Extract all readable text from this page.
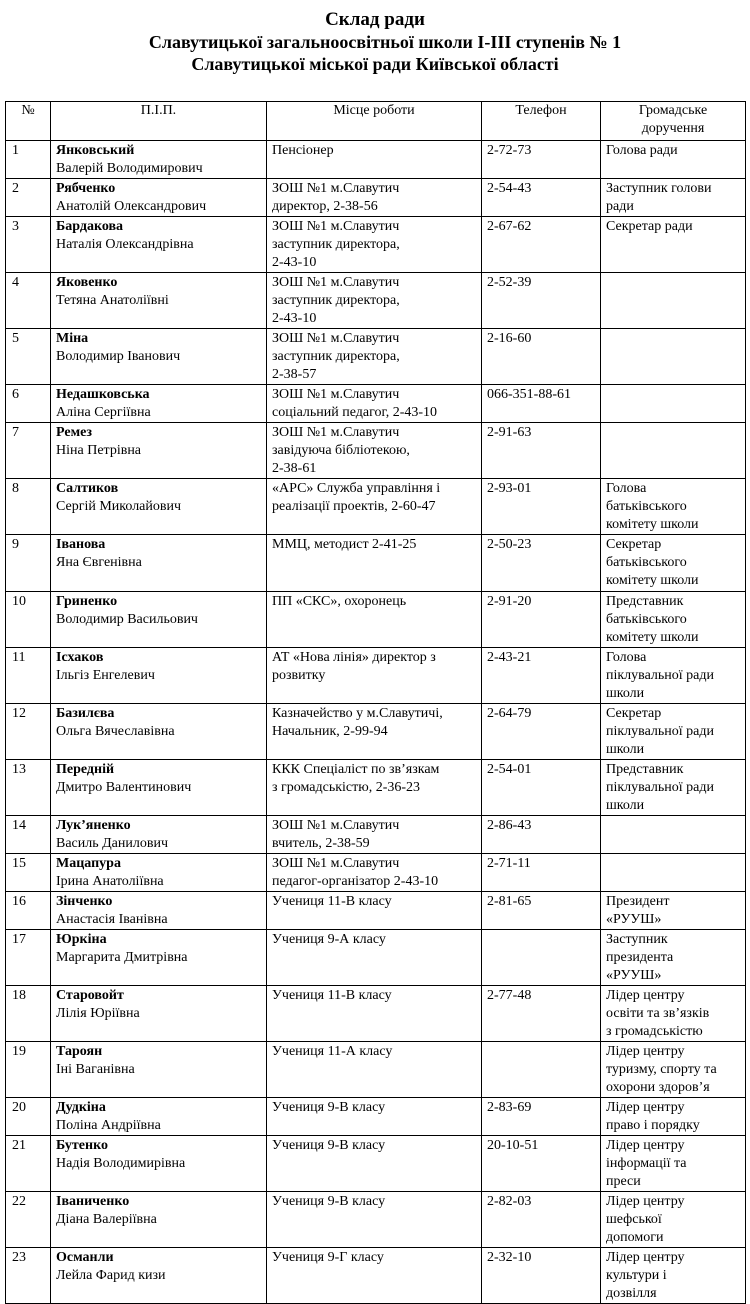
Склад ради
Славутицької загальноосвітньої школи І-ІІІ ступенів № 1
Славутицької міської ради Київської області
№	П.І.П.	Місце роботи	Телефон	Громадське доручення
1	Янковський
Валерій Володимирович	Пенсіонер	2-72-73	Голова ради
2	Рябченко
Анатолій Олександрович	ЗОШ №1 м.Славутич
директор, 2-38-56	2-54-43	Заступник голови
ради
3	Бардакова
Наталія Олександрівна	ЗОШ №1 м.Славутич
заступник директора,
2-43-10	2-67-62	Секретар ради
4	Яковенко
Тетяна Анатоліївні	ЗОШ №1 м.Славутич
заступник директора,
2-43-10	2-52-39	
5	Міна
Володимир Іванович	ЗОШ №1 м.Славутич
заступник директора,
2-38-57	2-16-60	
6	Недашковська
Аліна Сергіївна	ЗОШ №1 м.Славутич
соціальний педагог, 2-43-10	066-351-88-61	
7	Ремез
Ніна Петрівна	ЗОШ №1 м.Славутич
завідуюча бібліотекою,
2-38-61	2-91-63	
8	Салтиков
Сергій Миколайович	«АРС» Служба управління і
реалізації проектів, 2-60-47	2-93-01	Голова
батьківського
комітету школи
9	Іванова
Яна Євгенівна	ММЦ, методист 2-41-25	2-50-23	Секретар
батьківського
комітету школи
10	Гриненко
Володимир Васильович	ПП «СКС», охоронець	2-91-20	Представник
батьківського
комітету школи
11	Ісхаков
Ільгіз Енгелевич	АТ «Нова лінія» директор з
розвитку	2-43-21	Голова
піклувальної ради
школи
12	Базилєва
Ольга Вячеславівна	Казначейство у м.Славутичі,
Начальник, 2-99-94	2-64-79	Секретар
піклувальної ради
школи
13	Передній
Дмитро Валентинович	ККК Спеціаліст по зв’язкам
з громадськістю, 2-36-23	2-54-01	Представник
піклувальної ради
школи
14	Лук’яненко
Василь Данилович	ЗОШ №1 м.Славутич
вчитель, 2-38-59	2-86-43	
15	Мацапура
Ірина Анатоліївна	ЗОШ №1 м.Славутич
педагог-організатор 2-43-10	2-71-11	
16	Зінченко
Анастасія Іванівна	Учениця 11-В класу	2-81-65	Президент
«РУУШ»
17	Юркіна
Маргарита Дмитрівна	Учениця 9-А класу		Заступник
президента
«РУУШ»
18	Старовойт
Лілія Юріївна	Учениця 11-В класу	2-77-48	Лідер центру
освіти та зв’язків
з громадськістю
19	Тароян
Іні Ваганівна	Учениця 11-А класу		Лідер центру
туризму, спорту та
охорони здоров’я
20	Дудкіна
Поліна Андріївна	Учениця 9-В класу	2-83-69	Лідер центру
право і порядку
21	Бутенко
Надія Володимирівна	Учениця 9-В класу	20-10-51	Лідер центру
інформації та
преси
22	Іваниченко
Діана Валеріївна	Учениця 9-В класу	2-82-03	Лідер центру
шефської
допомоги
23	Османли
Лейла Фарид кизи	Учениця 9-Г класу	2-32-10	Лідер центру
культури і
дозвілля
